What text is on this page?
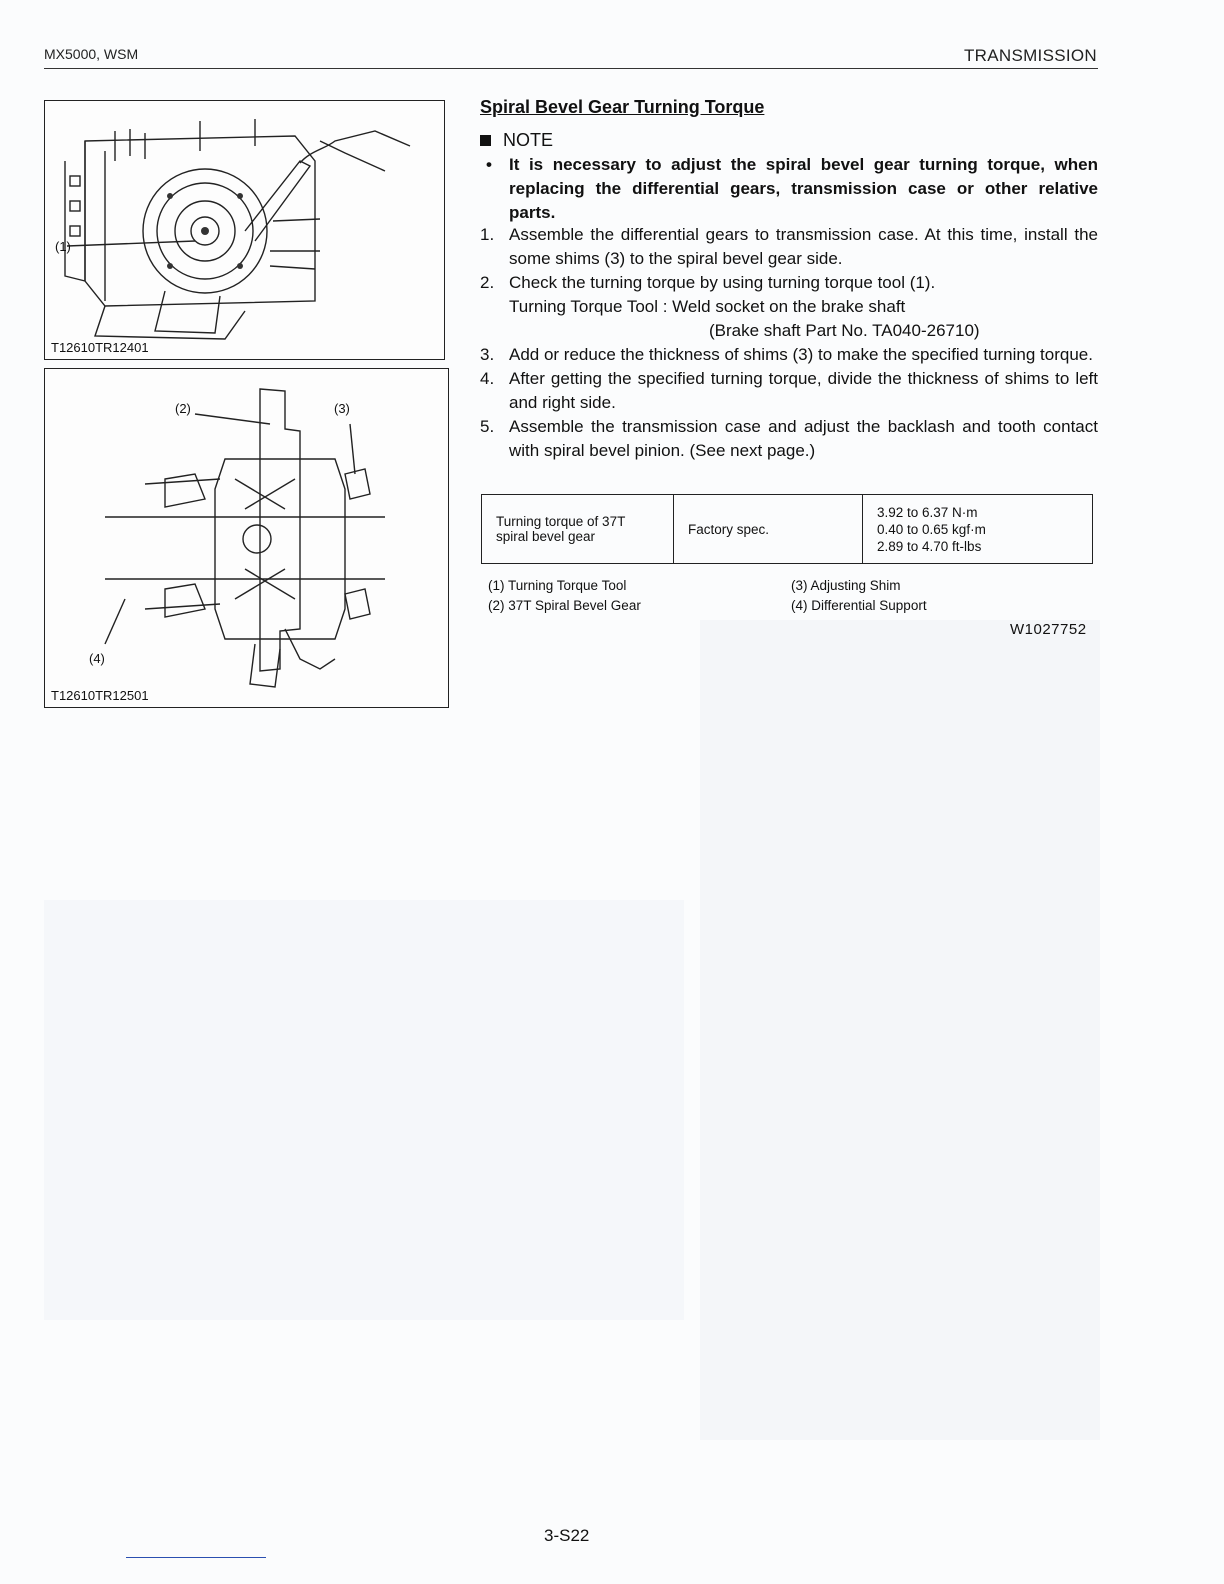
MX5000, WSM	TRANSMISSION
(1)
T12610TR12401
(2)	(3)
(4)
T12610TR12501
Spiral Bevel Gear Turning Torque
NOTE
• It is necessary to adjust the spiral bevel gear turning torque, when replacing the differential gears, transmission case or other relative parts.
1. Assemble the differential gears to transmission case. At this time, install the some shims (3) to the spiral bevel gear side.
2. Check the turning torque by using turning torque tool (1).
Turning Torque Tool : Weld socket on the brake shaft
(Brake shaft Part No. TA040-26710)
3. Add or reduce the thickness of shims (3) to make the specified turning torque.
4. After getting the specified turning torque, divide the thickness of shims to left and right side.
5. Assemble the transmission case and adjust the backlash and tooth contact with spiral bevel pinion. (See next page.)
Turning torque of 37T spiral bevel gear	Factory spec.	
3.92 to 6.37 N·m
0.40 to 0.65 kgf·m
2.89 to 4.70 ft-lbs
(1) Turning Torque Tool
(2) 37T Spiral Bevel Gear
(3) Adjusting Shim
(4) Differential Support
W1027752
3-S22
